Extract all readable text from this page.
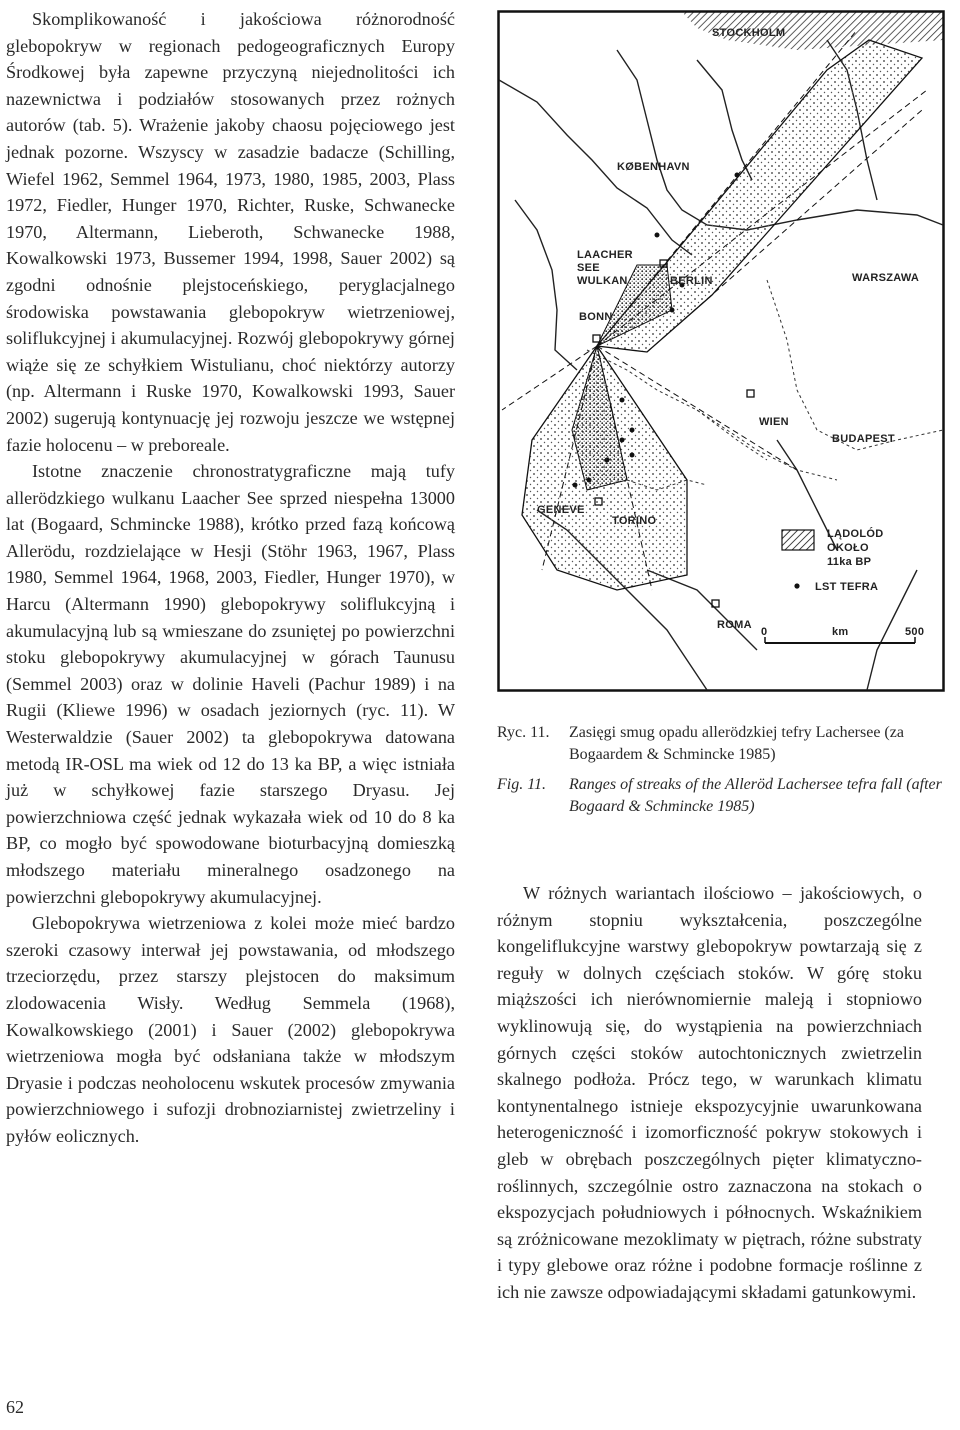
Skomplikowaność i jakościowa różnorodność glebopokryw w regionach pedogeograficznych Europy Środkowej była zapewne przyczyną niejednolitości ich nazewnictwa i podziałów stosowanych przez rożnych autorów (tab. 5). Wrażenie jakoby chaosu pojęciowego jest jednak pozorne. Wszyscy w zasadzie badacze (Schilling, Wiefel 1962, Semmel 1964, 1973, 1980, 1985, 2003, Plass 1972, Fiedler, Hunger 1970, Richter, Ruske, Schwanecke 1970, Altermann, Lieberoth, Schwanecke 1988, Kowalkowski 1973, Bussemer 1994, 1998, Sauer 2002) są zgodni odnośnie plejstoceńskiego, peryglacjalnego środowiska powstawania glebopokryw wietrzeniowej, soliflukcyjnej i akumulacyjnej. Rozwój glebopokrywy górnej wiąże się ze schyłkiem Wistulianu, choć niektórzy autorzy (np. Altermann i Ruske 1970, Kowalkowski 1993, Sauer 2002) sugerują kontynuację jej rozwoju jeszcze we wstępnej fazie holocenu – w preboreale.

Istotne znaczenie chronostratygraficzne mają tufy allerödzkiego wulkanu Laacher See sprzed niespełna 13000 lat (Bogaard, Schmincke 1988), krótko przed fazą końcową Allerödu, rozdzielające w Hesji (Stöhr 1963, 1967, Plass 1980, Semmel 1964, 1968, 2003, Fiedler, Hunger 1970), w Harcu (Altermann 1990) glebopokrywy soliflukcyjną i akumulacyjną lub są wmieszane do zsuniętej po powierzchni stoku glebopokrywy akumulacyjnej w górach Taunusu (Semmel 2003) oraz w dolinie Haveli (Pachur 1989) i na Rugii (Kliewe 1996) w osadach jeziornych (ryc. 11). W Westerwaldzie (Sauer 2002) ta glebopokrywa datowana metodą IR-OSL ma wiek od 12 do 13 ka BP, a więc istniała już w schyłkowej fazie starszego Dryasu. Jej powierzchniowa część jednak wykazała wiek od 10 do 8 ka BP, co mogło być spowodowane bioturbacyjną domieszką młodszego materiału mineralnego osadzonego na powierzchni glebopokrywy akumulacyjnej.

Glebopokrywa wietrzeniowa z kolei może mieć bardzo szeroki czasowy interwał jej powstawania, od młodszego trzeciorzędu, przez starszy plejstocen do maksimum zlodowacenia Wisły. Według Semmela (1968), Kowalkowskiego (2001) i Sauer (2002) glebopokrywa wietrzeniowa mogła być odsłaniana także w młodszym Dryasie i podczas neoholocenu wskutek procesów zmywania powierzchniowego i sufozji drobnoziarnistej zwietrzeliny i pyłów eolicznych.

STOCKHOLM
KØBENHAVN
LAACHER
SEE
WULKAN	BERLIN	WARSZAWA
BONN
WIEN
BUDAPEST
GENEVE
TORINO
ROMA
LĄDOLÓD
OKOŁO
11ka BP
LST TEFRA
0	km	500
Ryc. 11.	Zasięgi smug opadu allerödzkiej tefry Lachersee (za Bogaardem & Schmincke 1985)
Fig. 11.	Ranges of streaks of the Alleröd Lachersee tefra fall (after Bogaard & Schmincke 1985)

W różnych wariantach ilościowo – jakościowych, o różnym stopniu wykształcenia, poszczególne kongeliflukcyjne warstwy glebopokryw powtarzają się z reguły w dolnych częściach stoków. W górę stoku miąższości ich nierównomiernie maleją i stopniowo wyklinowują się, do wystąpienia na powierzchniach górnych części stoków autochtonicznych zwietrzelin skalnego podłoża. Prócz tego, w warunkach klimatu kontynentalnego istnieje ekspozycyjnie uwarunkowana heterogeniczność i izomorficzność pokryw stokowych i gleb w obrębach poszczególnych pięter klimatyczno-roślinnych, szczególnie ostro zaznaczona na stokach o ekspozycjach południowych i północnych. Wskaźnikiem są zróżnicowane mezoklimaty w piętrach, różne substraty i typy glebowe oraz różne i podobne formacje roślinne z ich nie zawsze odpowiadającymi składami gatunkowymi.

62
